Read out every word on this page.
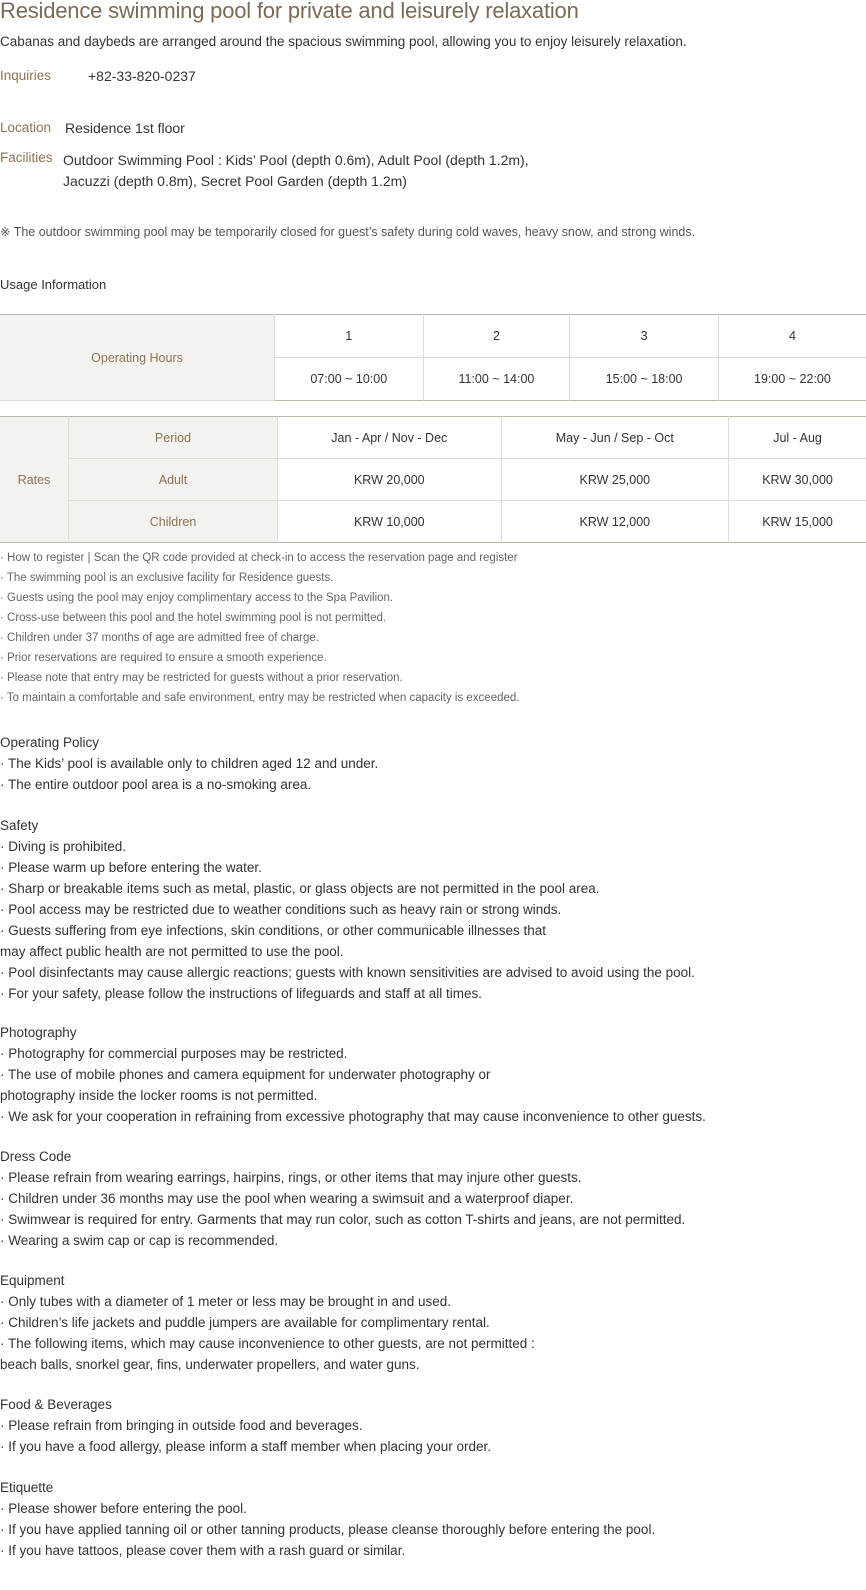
Residence swimming pool for private and leisurely relaxation
Cabanas and daybeds are arranged around the spacious swimming pool, allowing you to enjoy leisurely relaxation.
Inquiries	+82-33-820-0237
Location Residence 1st floor
Facilities Outdoor Swimming Pool : Kids’ Pool (depth 0.6m), Adult Pool (depth 1.2m),
Jacuzzi (depth 0.8m), Secret Pool Garden (depth 1.2m)
※ The outdoor swimming pool may be temporarily closed for guest’s safety during cold waves, heavy snow, and strong winds.
Usage Information
Operating Hours	1	2	3	4
	07:00 ~ 10:00	11:00 ~ 14:00	15:00 ~ 18:00	19:00 ~ 22:00
Rates	Period	Jan - Apr / Nov - Dec	May - Jun / Sep - Oct	Jul - Aug
	Adult	KRW 20,000	KRW 25,000	KRW 30,000
	Children	KRW 10,000	KRW 12,000	KRW 15,000
· How to register | Scan the QR code provided at check-in to access the reservation page and register
· The swimming pool is an exclusive facility for Residence guests.
· Guests using the pool may enjoy complimentary access to the Spa Pavilion.
· Cross-use between this pool and the hotel swimming pool is not permitted.
· Children under 37 months of age are admitted free of charge.
· Prior reservations are required to ensure a smooth experience.
· Please note that entry may be restricted for guests without a prior reservation.
· To maintain a comfortable and safe environment, entry may be restricted when capacity is exceeded.
Operating Policy
· The Kids’ pool is available only to children aged 12 and under.
· The entire outdoor pool area is a no-smoking area.
Safety
· Diving is prohibited.
· Please warm up before entering the water.
· Sharp or breakable items such as metal, plastic, or glass objects are not permitted in the pool area.
· Pool access may be restricted due to weather conditions such as heavy rain or strong winds.
· Guests suffering from eye infections, skin conditions, or other communicable illnesses that
may affect public health are not permitted to use the pool.
· Pool disinfectants may cause allergic reactions; guests with known sensitivities are advised to avoid using the pool.
· For your safety, please follow the instructions of lifeguards and staff at all times.
Photography
· Photography for commercial purposes may be restricted.
· The use of mobile phones and camera equipment for underwater photography or
photography inside the locker rooms is not permitted.
· We ask for your cooperation in refraining from excessive photography that may cause inconvenience to other guests.
Dress Code
· Please refrain from wearing earrings, hairpins, rings, or other items that may injure other guests.
· Children under 36 months may use the pool when wearing a swimsuit and a waterproof diaper.
· Swimwear is required for entry. Garments that may run color, such as cotton T-shirts and jeans, are not permitted.
· Wearing a swim cap or cap is recommended.
Equipment
· Only tubes with a diameter of 1 meter or less may be brought in and used.
· Children’s life jackets and puddle jumpers are available for complimentary rental.
· The following items, which may cause inconvenience to other guests, are not permitted :
beach balls, snorkel gear, fins, underwater propellers, and water guns.
Food & Beverages
· Please refrain from bringing in outside food and beverages.
· If you have a food allergy, please inform a staff member when placing your order.
Etiquette
· Please shower before entering the pool.
· If you have applied tanning oil or other tanning products, please cleanse thoroughly before entering the pool.
· If you have tattoos, please cover them with a rash guard or similar.
